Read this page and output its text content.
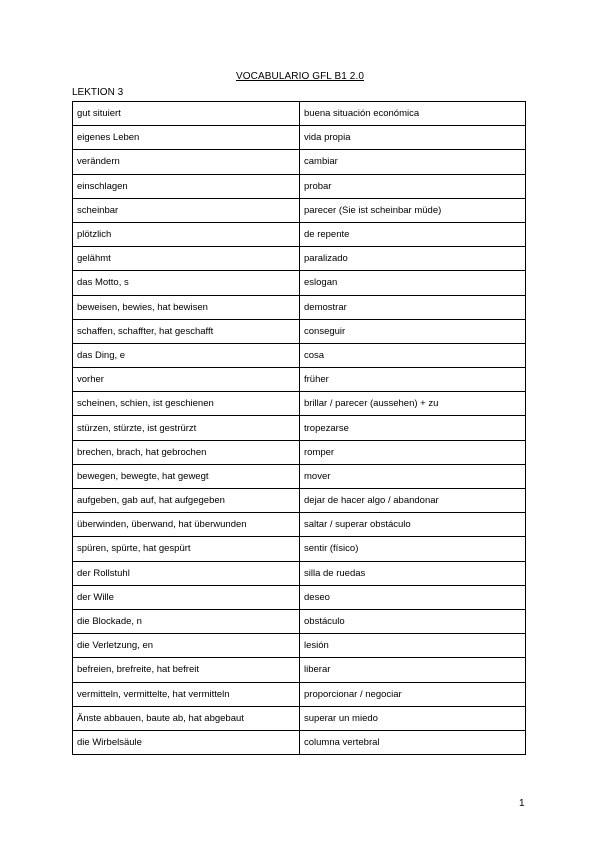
VOCABULARIO GFL B1 2.0
LEKTION 3
gut situiert	buena situación económica
eigenes Leben	vida propia
verändern	cambiar
einschlagen	probar
scheinbar	parecer (Sie ist scheinbar müde)
plötzlich	de repente
gelähmt	paralizado
das Motto, s	eslogan
beweisen, bewies, hat bewisen	demostrar
schaffen, schaffter, hat geschafft	conseguir
das Ding, e	cosa
vorher	früher
scheinen, schien, ist geschienen	brillar / parecer (aussehen) + zu
stürzen, stürzte, ist gestrürzt	tropezarse
brechen, brach, hat gebrochen	romper
bewegen, bewegte, hat gewegt	mover
aufgeben, gab auf, hat aufgegeben	dejar de hacer algo / abandonar
überwinden, überwand, hat überwunden	saltar / superar obstáculo
spüren, spürte, hat gespürt	sentir (físico)
der Rollstuhl	silla de ruedas
der Wille	deseo
die Blockade, n	obstáculo
die Verletzung, en	lesión
befreien, brefreite, hat befreit	liberar
vermitteln, vermittelte, hat vermitteln	proporcionar / negociar
Änste abbauen, baute ab, hat abgebaut	superar un miedo
die Wirbelsäule	columna vertebral
1
